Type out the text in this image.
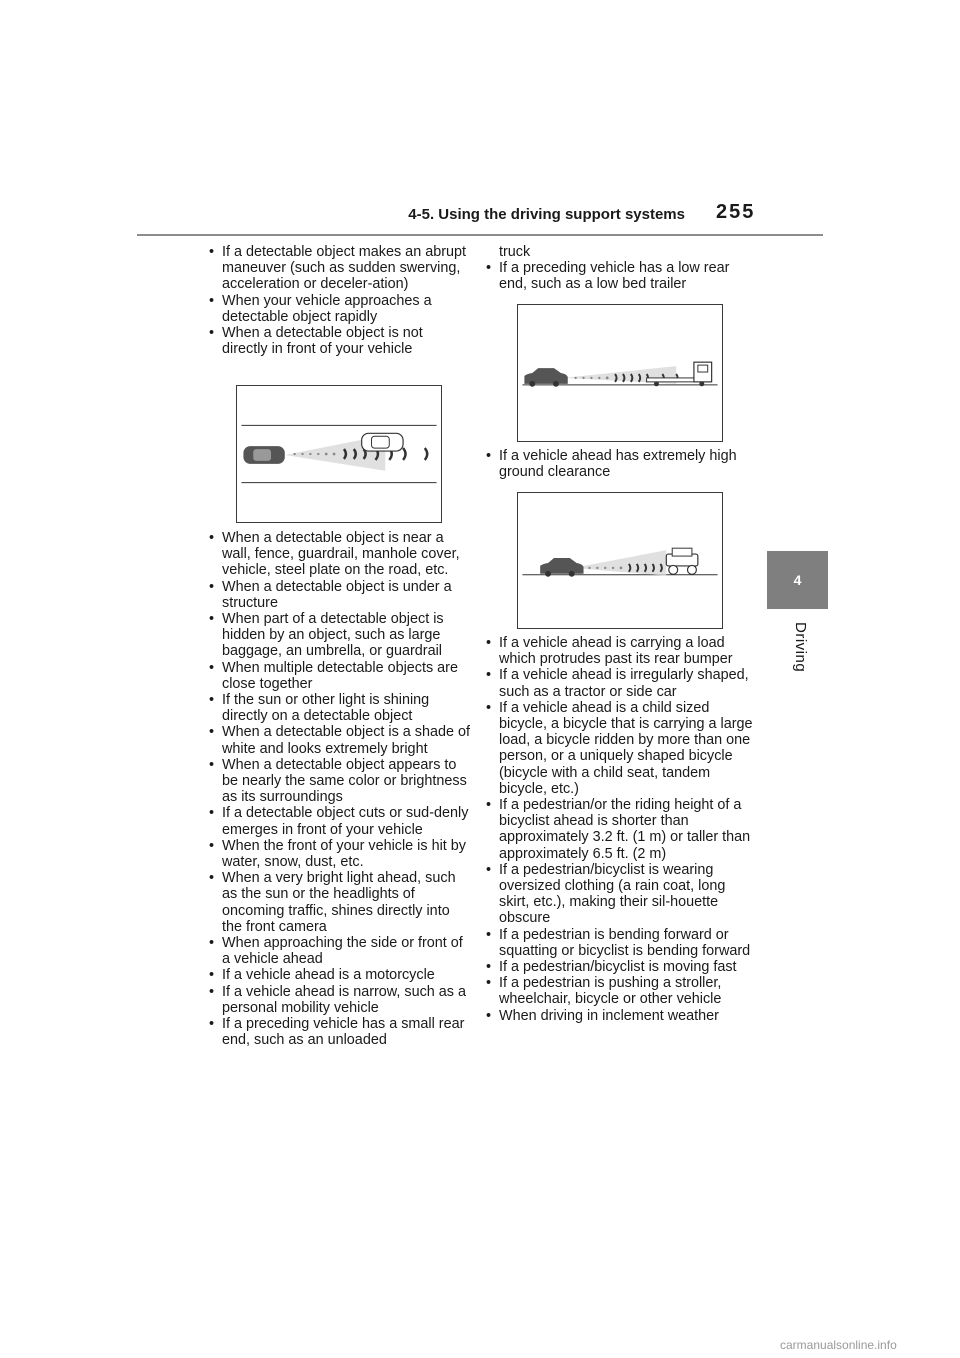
4-5. Using the driving support systems 255
4
Driving
• If a detectable object makes an abrupt maneuver (such as sudden swerving, acceleration or deceler-ation)
• When your vehicle approaches a detectable object rapidly
• When a detectable object is not directly in front of your vehicle
• When a detectable object is near a wall, fence, guardrail, manhole cover, vehicle, steel plate on the road, etc.
• When a detectable object is under a structure
• When part of a detectable object is hidden by an object, such as large baggage, an umbrella, or guardrail
• When multiple detectable objects are close together
• If the sun or other light is shining directly on a detectable object
• When a detectable object is a shade of white and looks extremely bright
• When a detectable object appears to be nearly the same color or brightness as its surroundings
• If a detectable object cuts or sud-denly emerges in front of your vehicle
• When the front of your vehicle is hit by water, snow, dust, etc.
• When a very bright light ahead, such as the sun or the headlights of oncoming traffic, shines directly into the front camera
• When approaching the side or front of a vehicle ahead
• If a vehicle ahead is a motorcycle
• If a vehicle ahead is narrow, such as a personal mobility vehicle
• If a preceding vehicle has a small rear end, such as an unloaded
truck
• If a preceding vehicle has a low rear end, such as a low bed trailer
• If a vehicle ahead has extremely high ground clearance
• If a vehicle ahead is carrying a load which protrudes past its rear bumper
• If a vehicle ahead is irregularly shaped, such as a tractor or side car
• If a vehicle ahead is a child sized bicycle, a bicycle that is carrying a large load, a bicycle ridden by more than one person, or a uniquely shaped bicycle (bicycle with a child seat, tandem bicycle, etc.)
• If a pedestrian/or the riding height of a bicyclist ahead is shorter than approximately 3.2 ft. (1 m) or taller than approximately 6.5 ft. (2 m)
• If a pedestrian/bicyclist is wearing oversized clothing (a rain coat, long skirt, etc.), making their sil-houette obscure
• If a pedestrian is bending forward or squatting or bicyclist is bending forward
• If a pedestrian/bicyclist is moving fast
• If a pedestrian is pushing a stroller, wheelchair, bicycle or other vehicle
• When driving in inclement weather
carmanualsonline.info
